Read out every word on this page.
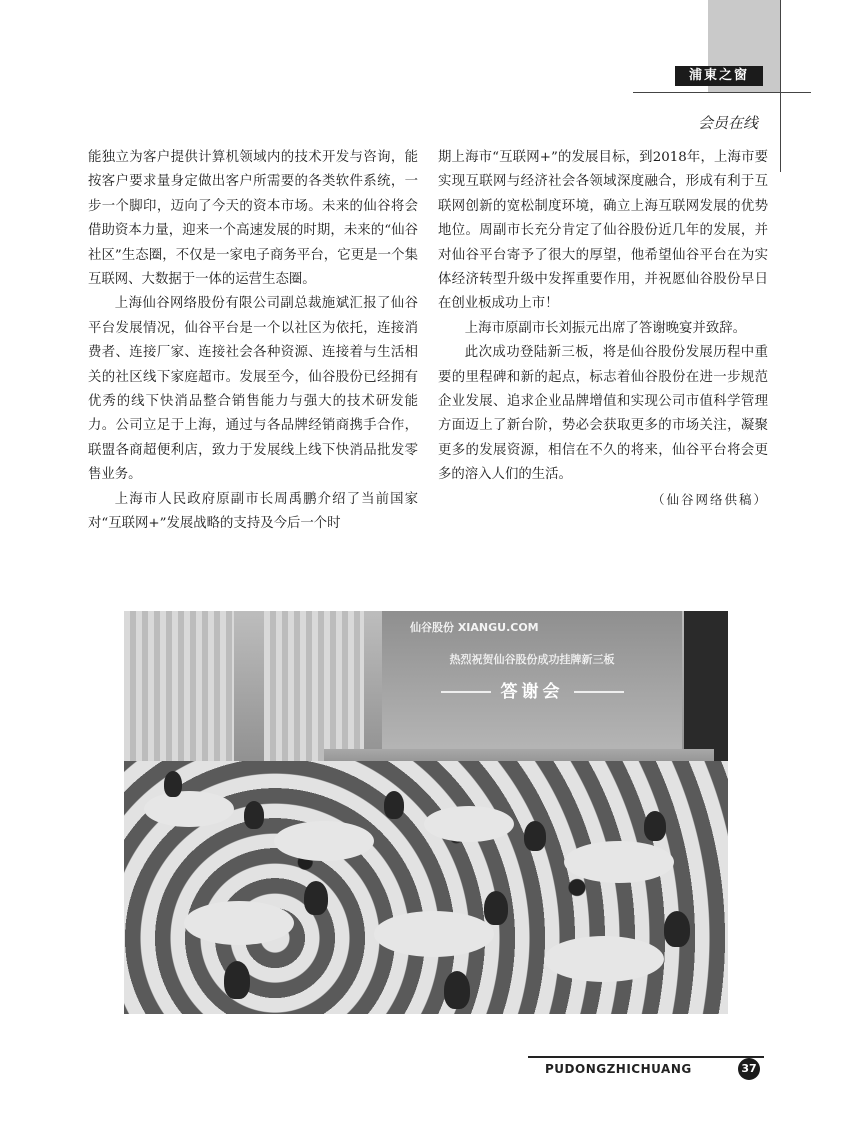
浦東之窗
会员在线

能独立为客户提供计算机领域内的技术开发与咨询，能按客户要求量身定做出客户所需要的各类软件系统，一步一个脚印，迈向了今天的资本市场。未来的仙谷将会借助资本力量，迎来一个高速发展的时期，未来的“仙谷社区”生态圈，不仅是一家电子商务平台，它更是一个集互联网、大数据于一体的运营生态圈。

上海仙谷网络股份有限公司副总裁施斌汇报了仙谷平台发展情况，仙谷平台是一个以社区为依托，连接消费者、连接厂家、连接社会各种资源、连接着与生活相关的社区线下家庭超市。发展至今，仙谷股份已经拥有优秀的线下快消品整合销售能力与强大的技术研发能力。公司立足于上海，通过与各品牌经销商携手合作，联盟各商超便利店，致力于发展线上线下快消品批发零售业务。

上海市人民政府原副市长周禹鹏介绍了当前国家对“互联网+”发展战略的支持及今后一个时

期上海市“互联网+”的发展目标，到2018年，上海市要实现互联网与经济社会各领域深度融合，形成有利于互联网创新的宽松制度环境，确立上海互联网发展的优势地位。周副市长充分肯定了仙谷股份近几年的发展，并对仙谷平台寄予了很大的厚望，他希望仙谷平台在为实体经济转型升级中发挥重要作用，并祝愿仙谷股份早日在创业板成功上市！

上海市原副市长刘振元出席了答谢晚宴并致辞。

此次成功登陆新三板，将是仙谷股份发展历程中重要的里程碑和新的起点，标志着仙谷股份在进一步规范企业发展、追求企业品牌增值和实现公司市值科学管理方面迈上了新台阶，势必会获取更多的市场关注，凝聚更多的发展资源，相信在不久的将来，仙谷平台将会更多的溶入人们的生活。

（仙谷网络供稿）

仙谷股份 XIANGU.COM
热烈祝贺仙谷股份成功挂牌新三板
答谢会
PUDONGZHICHUANG	37
